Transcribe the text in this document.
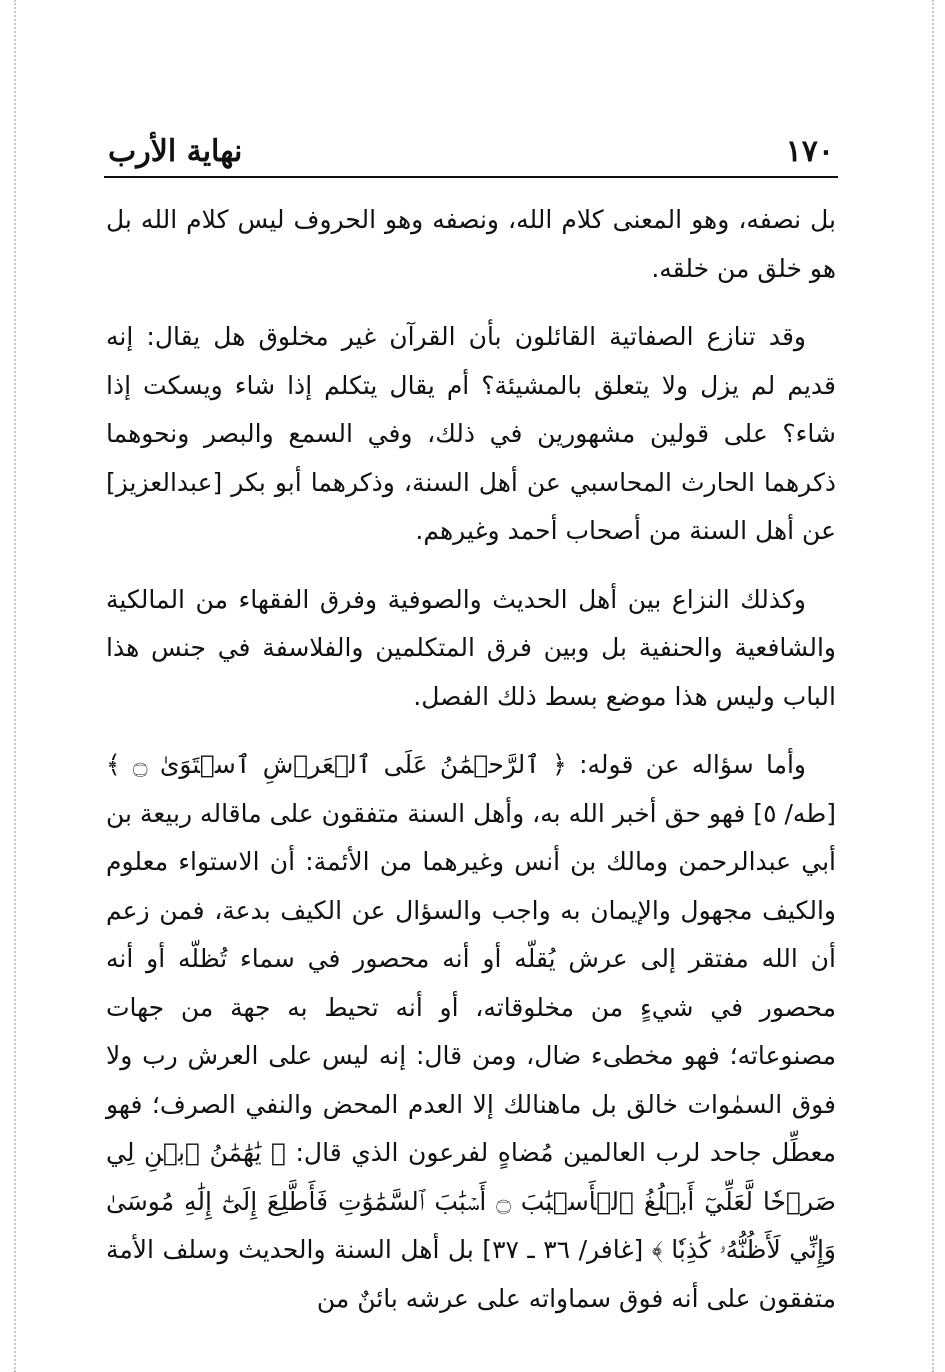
١٧٠
نهاية الأرب

بل نصفه، وهو المعنى كلام الله، ونصفه وهو الحروف ليس كلام الله بل هو خلق من خلقه.

وقد تنازع الصفاتية القائلون بأن القرآن غير مخلوق هل يقال: إنه قديم لم يزل ولا يتعلق بالمشيئة؟ أم يقال يتكلم إذا شاء ويسكت إذا شاء؟ على قولين مشهورين في ذلك، وفي السمع والبصر ونحوهما ذكرهما الحارث المحاسبي عن أهل السنة، وذكرهما أبو بكر [عبدالعزيز] عن أهل السنة من أصحاب أحمد وغيرهم.

وكذلك النزاع بين أهل الحديث والصوفية وفرق الفقهاء من المالكية والشافعية والحنفية بل وبين فرق المتكلمين والفلاسفة في جنس هذا الباب وليس هذا موضع بسط ذلك الفصل.

وأما سؤاله عن قوله: ﴿ ٱلرَّحۡمَٰنُ عَلَى ٱلۡعَرۡشِ ٱسۡتَوَىٰ ۝ ﴾ [طه/ ٥] فهو حق أخبر الله به، وأهل السنة متفقون على ماقاله ربيعة بن أبي عبدالرحمن ومالك بن أنس وغيرهما من الأئمة: أن الاستواء معلوم والكيف مجهول والإيمان به واجب والسؤال عن الكيف بدعة، فمن زعم أن الله مفتقر إلى عرش يُقلّه أو أنه محصور في سماء تُظلّه أو أنه محصور في شيءٍ من مخلوقاته، أو أنه تحيط به جهة من جهات مصنوعاته؛ فهو مخطىء ضال، ومن قال: إنه ليس على العرش رب ولا فوق السمٰوات خالق بل ماهنالك إلا العدم المحض والنفي الصرف؛ فهو معطِّل جاحد لرب العالمين مُضاهٍ لفرعون الذي قال: ﴿ يَٰهَٰمَٰنُ ٱبۡنِ لِي صَرۡحٗا لَّعَلِّيٓ أَبۡلُغُ ٱلۡأَسۡبَٰبَ ۝ أَسۡبَٰبَ ٱلسَّمَٰوَٰتِ فَأَطَّلِعَ إِلَىٰٓ إِلَٰهِ مُوسَىٰ وَإِنِّي لَأَظُنُّهُۥ كَٰذِبٗا ﴾ [غافر/ ٣٦ ـ ٣٧] بل أهل السنة والحديث وسلف الأمة متفقون على أنه فوق سماواته على عرشه بائنٌ من
